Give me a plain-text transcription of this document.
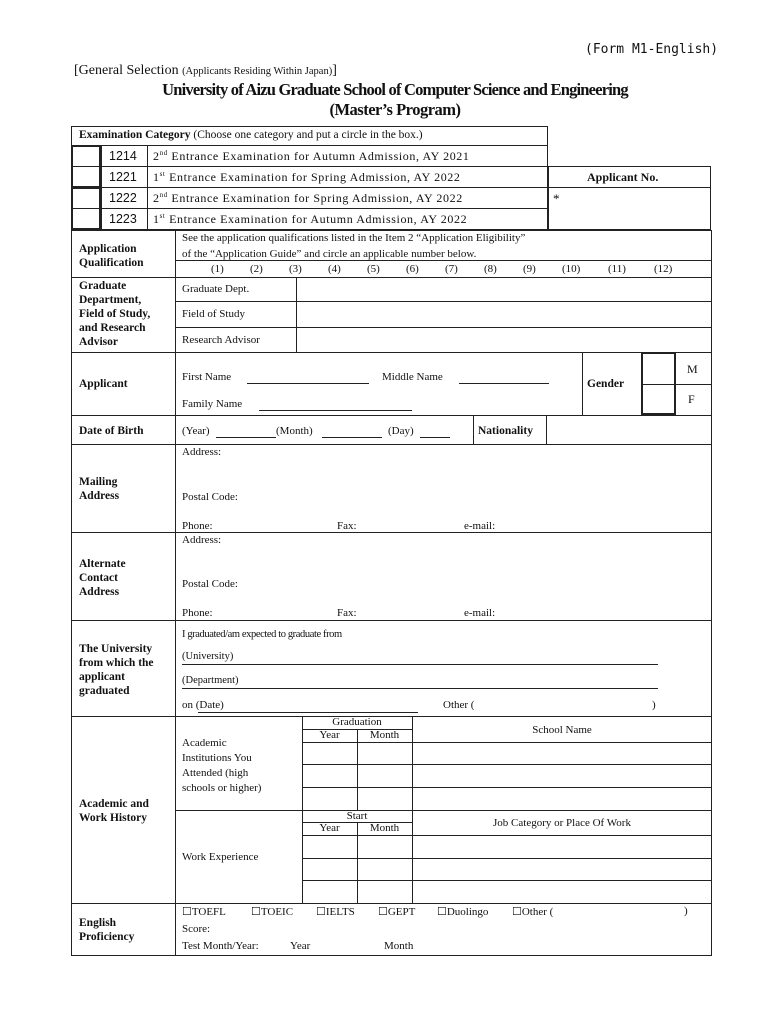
(Form M1-English)
[General Selection (Applicants Residing Within Japan)]
University of Aizu Graduate School of Computer Science and Engineering
(Master’s Program)
Examination Category (Choose one category and put a circle in the box.)
1214 2nd Entrance Examination for Autumn Admission, AY 2021
1221 1st Entrance Examination for Spring Admission, AY 2022
1222 2nd Entrance Examination for Spring Admission, AY 2022
1223 1st Entrance Examination for Autumn Admission, AY 2022
Applicant No.
*
Application
Qualification
See the application qualifications listed in the Item 2 “Application Eligibility”
of the “Application Guide” and circle an applicable number below.
(1) (2) (3) (4) (5) (6) (7) (8) (9) (10)	(11)	(12)
Graduate
Department,
Field of Study,
and Research
Advisor
Graduate Dept.
Field of Study
Research Advisor
Applicant
First Name	Middle Name
Family Name
Gender
M
F
Date of Birth	(Year)	(Month)	(Day)	Nationality
Mailing
Address
Address:
Postal Code:
Phone:	Fax:	e-mail:
Alternate
Contact
Address
Address:
Postal Code:
Phone:	Fax:	e-mail:
The University
from which the
applicant
graduated
I graduated/am expected to graduate from
(University)
(Department)
on (Date)	Other (	)
Academic and
Work History
Academic
Institutions You
Attended (high
schools or higher)
Graduation
Year	Month	School Name
Work Experience
Start
Year	Month	Job Category or Place Of Work
English
Proficiency
☐TOEFL ☐TOEIC ☐IELTS ☐GEPT ☐Duolingo ☐Other (	)
Score:
Test Month/Year:	Year	Month
